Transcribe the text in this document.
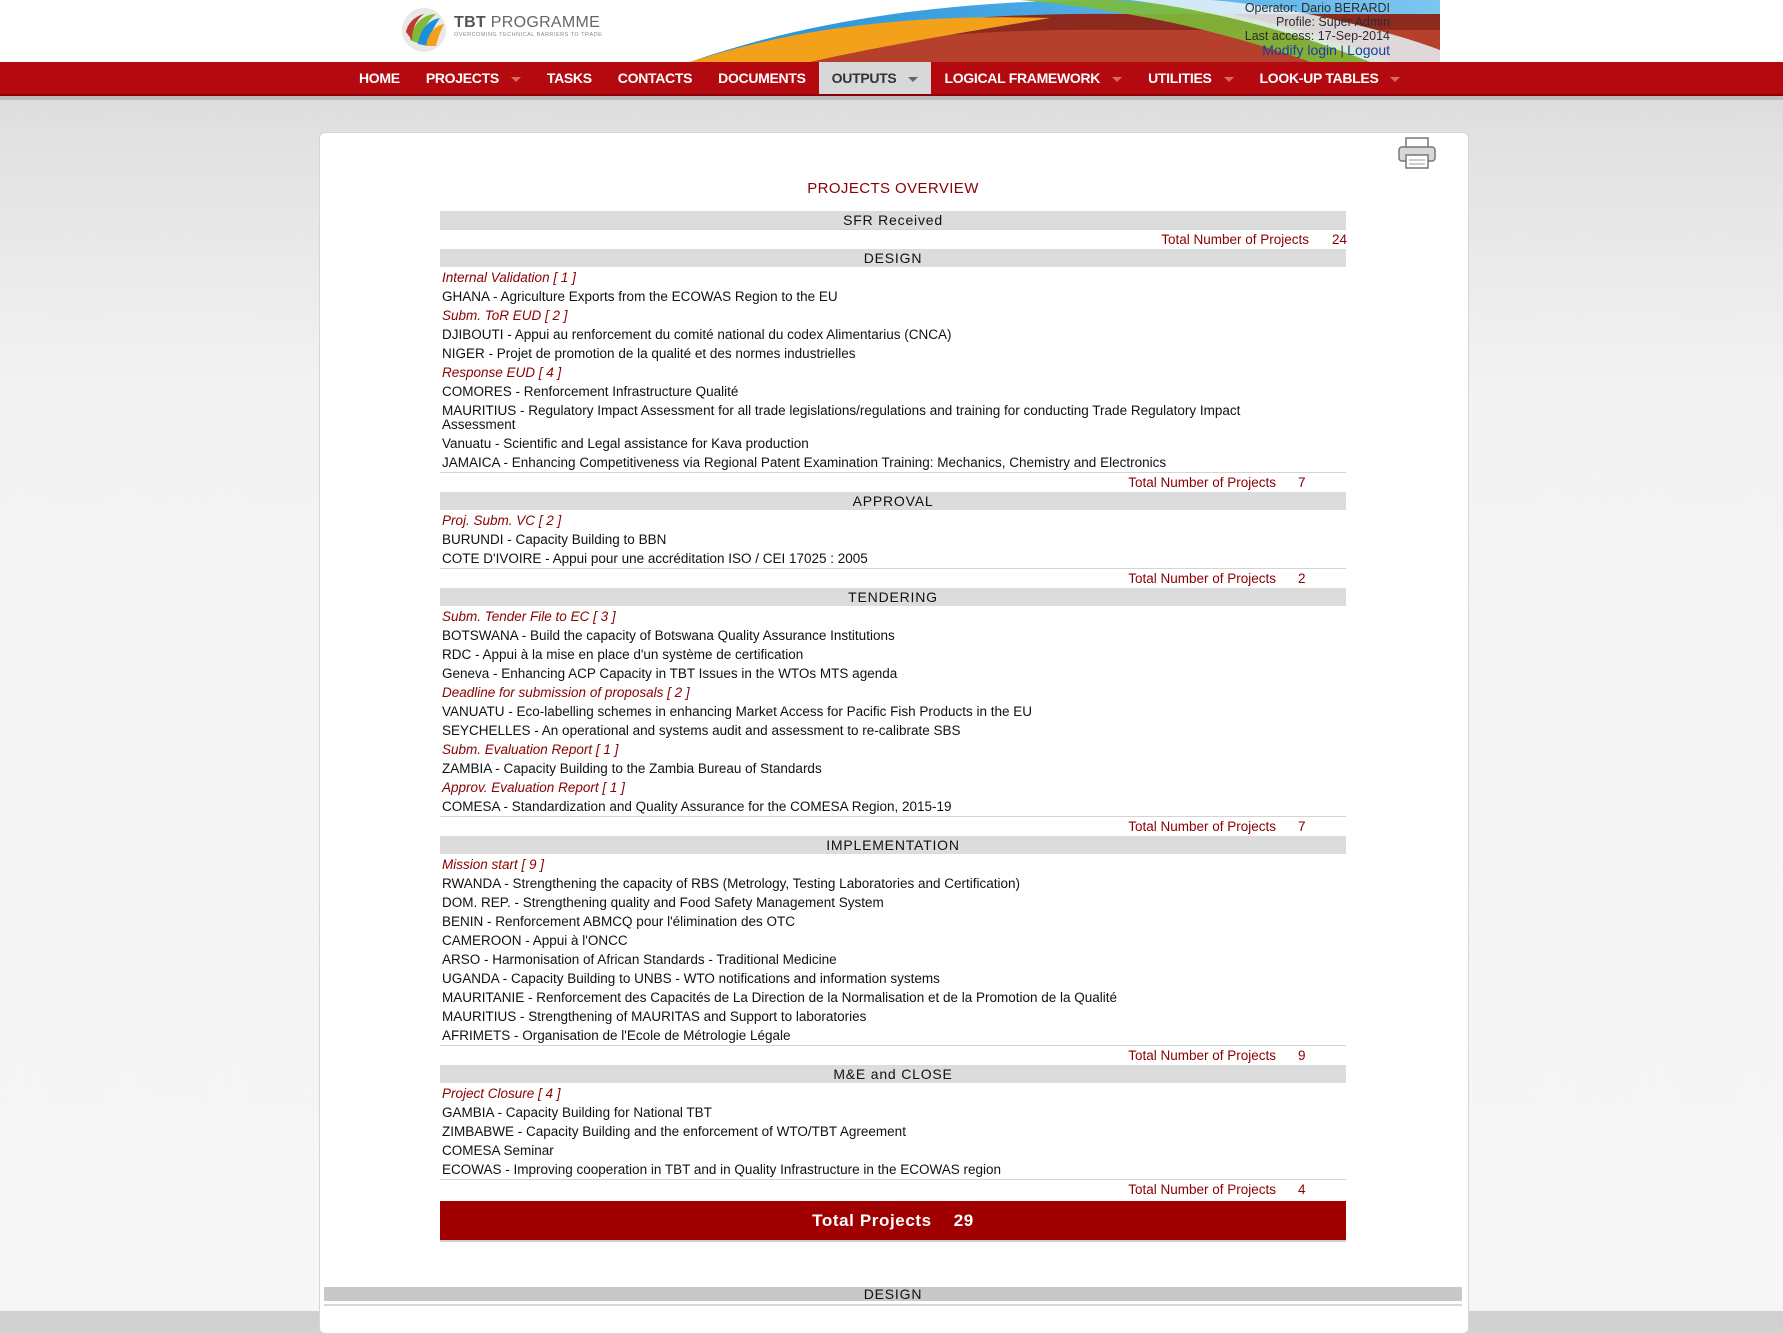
TBT PROGRAMME
OVERCOMING TECHNICAL BARRIERS TO TRADE
Operator: Dario BERARDI
Profile: Super Admin
Last access: 17-Sep-2014
Modify login | Logout
HOME PROJECTS	TASKS CONTACTS DOCUMENTS OUTPUTS	LOGICAL FRAMEWORK	UTILITIES	LOOK-UP TABLES
PROJECTS OVERVIEW
SFR Received
Total Number of Projects	24
DESIGN
Internal Validation [ 1 ]
GHANA - Agriculture Exports from the ECOWAS Region to the EU
Subm. ToR EUD [ 2 ]
DJIBOUTI - Appui au renforcement du comité national du codex Alimentarius (CNCA)
NIGER - Projet de promotion de la qualité et des normes industrielles
Response EUD [ 4 ]
COMORES - Renforcement Infrastructure Qualité
MAURITIUS - Regulatory Impact Assessment for all trade legislations/regulations and training for conducting Trade Regulatory Impact Assessment
Vanuatu - Scientific and Legal assistance for Kava production
JAMAICA - Enhancing Competitiveness via Regional Patent Examination Training: Mechanics, Chemistry and Electronics
Total Number of Projects	7
APPROVAL
Proj. Subm. VC [ 2 ]
BURUNDI - Capacity Building to BBN
COTE D'IVOIRE - Appui pour une accréditation ISO / CEI 17025 : 2005
Total Number of Projects	2
TENDERING
Subm. Tender File to EC [ 3 ]
BOTSWANA - Build the capacity of Botswana Quality Assurance Institutions
RDC - Appui à la mise en place d'un système de certification
Geneva - Enhancing ACP Capacity in TBT Issues in the WTOs MTS agenda
Deadline for submission of proposals [ 2 ]
VANUATU - Eco-labelling schemes in enhancing Market Access for Pacific Fish Products in the EU
SEYCHELLES - An operational and systems audit and assessment to re-calibrate SBS
Subm. Evaluation Report [ 1 ]
ZAMBIA - Capacity Building to the Zambia Bureau of Standards
Approv. Evaluation Report [ 1 ]
COMESA - Standardization and Quality Assurance for the COMESA Region, 2015-19
Total Number of Projects	7
IMPLEMENTATION
Mission start [ 9 ]
RWANDA - Strengthening the capacity of RBS (Metrology, Testing Laboratories and Certification)
DOM. REP. - Strengthening quality and Food Safety Management System
BENIN - Renforcement ABMCQ pour l'élimination des OTC
CAMEROON - Appui à l'ONCC
ARSO - Harmonisation of African Standards - Traditional Medicine
UGANDA - Capacity Building to UNBS - WTO notifications and information systems
MAURITANIE - Renforcement des Capacités de La Direction de la Normalisation et de la Promotion de la Qualité
MAURITIUS - Strengthening of MAURITAS and Support to laboratories
AFRIMETS - Organisation de l'Ecole de Métrologie Légale
Total Number of Projects	9
M&E and CLOSE
Project Closure [ 4 ]
GAMBIA - Capacity Building for National TBT
ZIMBABWE - Capacity Building and the enforcement of WTO/TBT Agreement
COMESA Seminar
ECOWAS - Improving cooperation in TBT and in Quality Infrastructure in the ECOWAS region
Total Number of Projects	4
Total Projects 29
DESIGN
